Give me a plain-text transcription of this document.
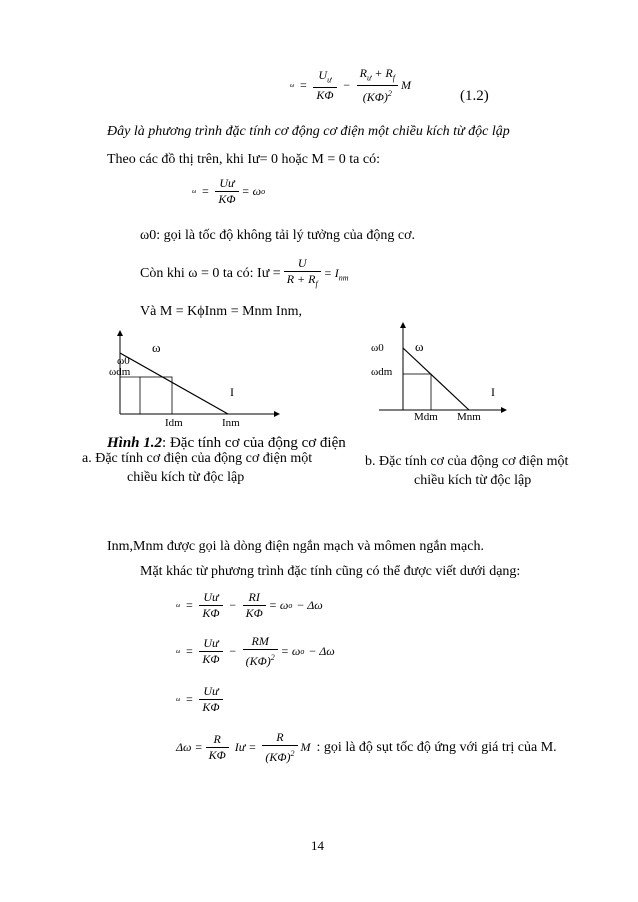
$\omega = \frac{U_ư}{K\Phi} - \frac{R_ư + R_f}{(K\Phi)^2}$ M
(1.2)
Đây là phương trình đặc tính cơ động cơ điện một chiều kích từ độc lập
Theo các đồ thị trên, khi Iư= 0 hoặc M = 0 ta có:
$\omega = \frac{Uư}{K\Phi} = \omega$ o
ω0: gọi là tốc độ không tải lý tưởng của động cơ.
Còn khi ω = 0 ta có: Iư = $\frac{U}{R + R_f} = I_{nm}$
Và M = KϕInm = Mnm Inm,
ω
ω0
ωdm
I
Idm	Inm
ω0 ω
ωdm
I
Mdm Mnm
Hình 1.2: Đặc tính cơ của động cơ điện
a. Đặc tính cơ điện của động cơ điện một
chiều kích từ độc lập
b. Đặc tính cơ của động cơ điện một
chiều kích từ độc lập
Inm,Mnm được gọi là dòng điện ngắn mạch và mômen ngắn mạch.
Mặt khác từ phương trình đặc tính cũng có thể được viết dưới dạng:
$\omega = \frac{Uư}{K\Phi} - \frac{RI}{K\Phi} = \omega$ o − Δω
$\omega = \frac{Uư}{K\Phi} - \frac{RM}{(K\Phi)^2} = \omega$ o − Δω
$\omega = \frac{Uư}{K\Phi}$
$\Delta\omega = \frac{R}{K\Phi}$ Iư = $\frac{R}{(K\Phi)^2}$ M : gọi là độ sụt tốc độ ứng với giá trị của M.
14
